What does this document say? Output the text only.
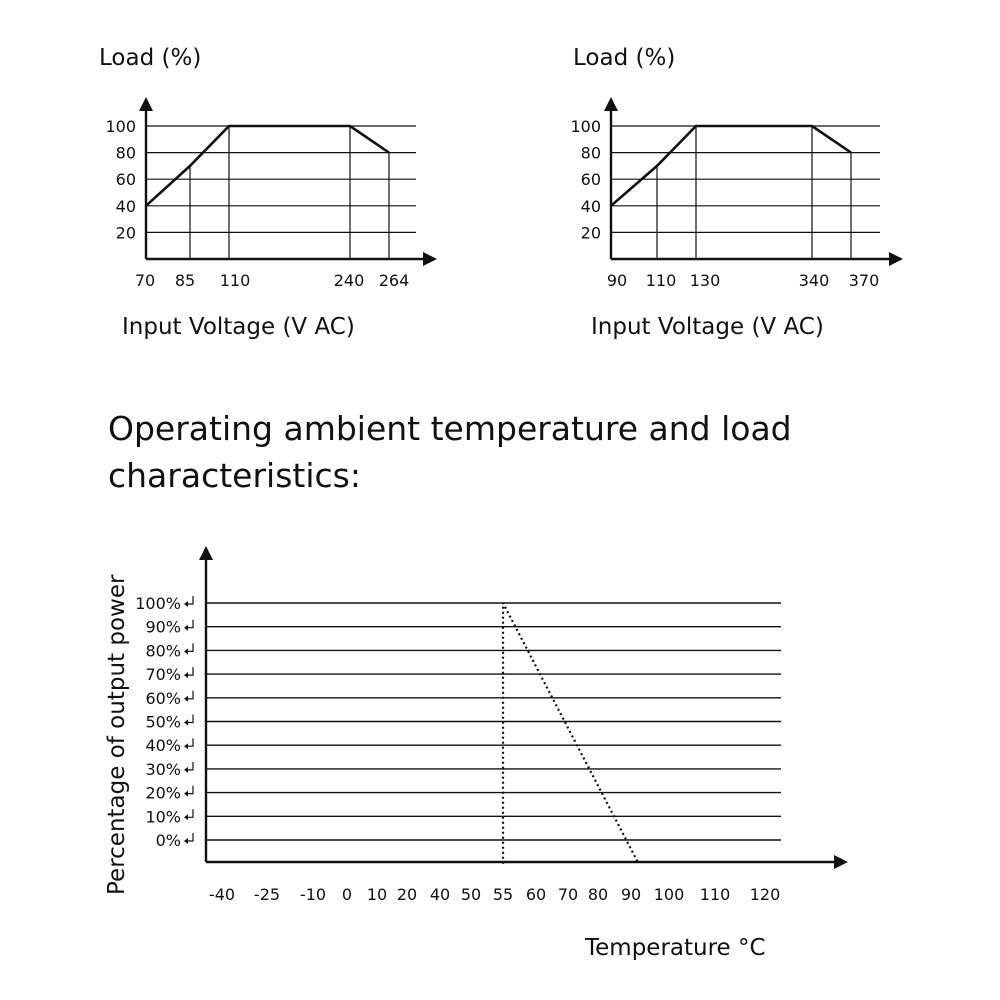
20
40
60
80
100
70 85 110	240 264
Load (%)
Input Voltage (V AC)
20
40
60
80
100
90 110 130	340 370
Load (%)
Input Voltage (V AC)
Operating ambient temperature and load
characteristics:
100%
90%
80%
70%
60%
50%
40%
30%
20%
10%
0%
-40 -25 -10 0 10 20 40 50 55 60 70 80 90 100 110 120
Percentage of output power
Temperature °C
